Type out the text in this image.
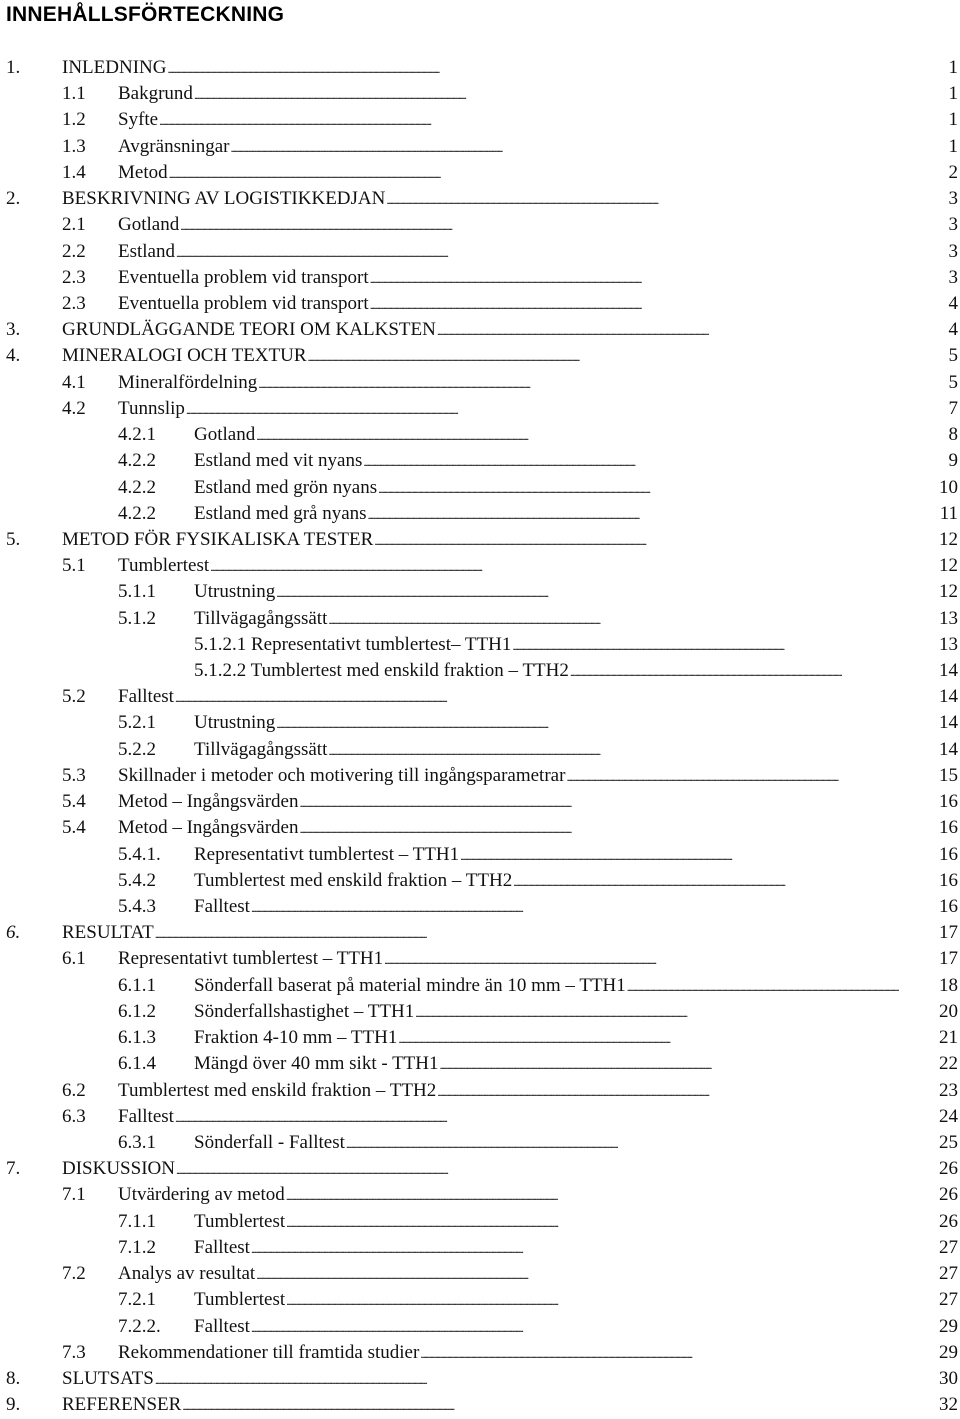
INNEHÅLLSFÖRTECKNING
1. INLEDNING . . .	1
1.1 Bakgrund . . .	1
1.2 Syfte . . .	1
1.3 Avgränsningar . . .	1
1.4 Metod . . .	2
2. BESKRIVNING AV LOGISTIKKEDJAN . . .	3
2.1 Gotland . . .	3
2.2 Estland . . .	3
2.3 Eventuella problem vid transport . . .	3
2.3 Eventuella problem vid transport . . .	4
3. GRUNDLÄGGANDE TEORI OM KALKSTEN . . .	4
4. MINERALOGI OCH TEXTUR . . .	5
4.1 Mineralfördelning . . .	5
4.2 Tunnslip . . .	7
4.2.1 Gotland . . .	8
4.2.2 Estland med vit nyans . . .	9
4.2.2 Estland med grön nyans . . .	10
4.2.2 Estland med grå nyans . . .	11
5. METOD FÖR FYSIKALISKA TESTER . . .	12
5.1 Tumblertest . . .	12
5.1.1 Utrustning . . .	12
5.1.2 Tillvägagångssätt . . .	13
5.1.2.1 Representativt tumblertest– TTH1 . . .	13
5.1.2.2 Tumblertest med enskild fraktion – TTH2 . . .	14
5.2 Falltest . . .	14
5.2.1 Utrustning . . .	14
5.2.2 Tillvägagångssätt . . .	14
5.3 Skillnader i metoder och motivering till ingångsparametrar . . .	15
5.4 Metod – Ingångsvärden . . .	16
5.4 Metod – Ingångsvärden . . .	16
5.4.1. Representativt tumblertest – TTH1 . . .	16
5.4.2 Tumblertest med enskild fraktion – TTH2 . . .	16
5.4.3 Falltest . . .	16
6. RESULTAT . . .	17
6.1 Representativt tumblertest – TTH1 . . .	17
6.1.1 Sönderfall baserat på material mindre än 10 mm – TTH1 . . .	18
6.1.2 Sönderfallshastighet – TTH1 . . .	20
6.1.3 Fraktion 4-10 mm – TTH1 . . .	21
6.1.4 Mängd över 40 mm sikt - TTH1 . . .	22
6.2 Tumblertest med enskild fraktion – TTH2 . . .	23
6.3 Falltest . . .	24
6.3.1 Sönderfall - Falltest . . .	25
7. DISKUSSION . . .	26
7.1 Utvärdering av metod . . .	26
7.1.1 Tumblertest . . .	26
7.1.2 Falltest . . .	27
7.2 Analys av resultat . . .	27
7.2.1 Tumblertest . . .	27
7.2.2. Falltest . . .	29
7.3 Rekommendationer till framtida studier . . .	29
8. SLUTSATS . . .	30
9. REFERENSER . . .	32
